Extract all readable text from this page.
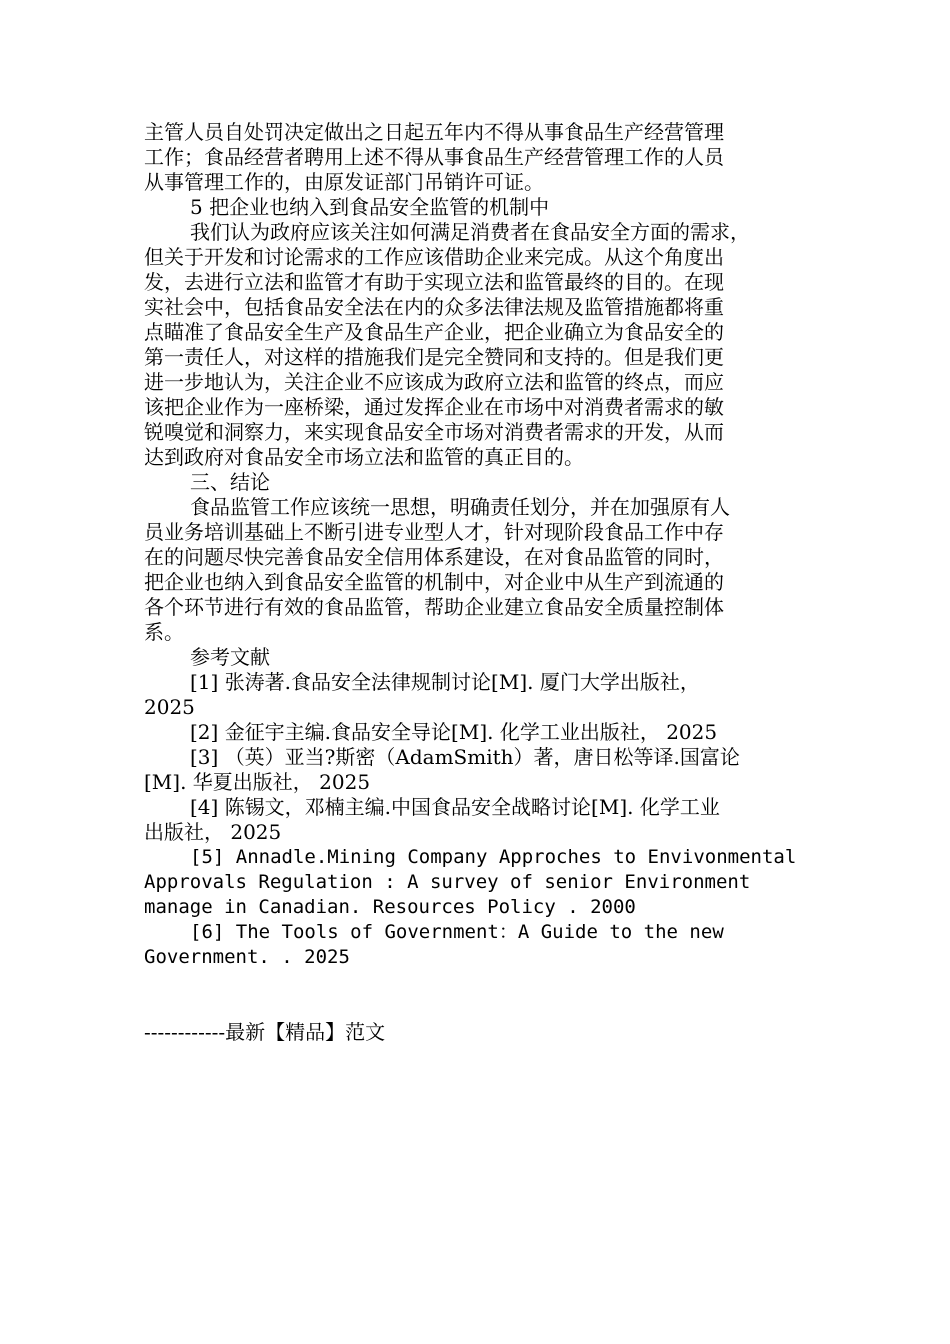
主管人员自处罚决定做出之日起五年内不得从事食品生产经营管理

工作；食品经营者聘用上述不得从事食品生产经营管理工作的人员

从事管理工作的，由原发证部门吊销许可证。

5 把企业也纳入到食品安全监管的机制中

我们认为政府应该关注如何满足消费者在食品安全方面的需求，

但关于开发和讨论需求的工作应该借助企业来完成。从这个角度出

发，去进行立法和监管才有助于实现立法和监管最终的目的。在现

实社会中，包括食品安全法在内的众多法律法规及监管措施都将重

点瞄准了食品安全生产及食品生产企业，把企业确立为食品安全的

第一责任人，对这样的措施我们是完全赞同和支持的。但是我们更

进一步地认为，关注企业不应该成为政府立法和监管的终点，而应

该把企业作为一座桥梁，通过发挥企业在市场中对消费者需求的敏

锐嗅觉和洞察力，来实现食品安全市场对消费者需求的开发，从而

达到政府对食品安全市场立法和监管的真正目的。

三、结论

食品监管工作应该统一思想，明确责任划分，并在加强原有人

员业务培训基础上不断引进专业型人才，针对现阶段食品工作中存

在的问题尽快完善食品安全信用体系建设，在对食品监管的同时，

把企业也纳入到食品安全监管的机制中，对企业中从生产到流通的

各个环节进行有效的食品监管，帮助企业建立食品安全质量控制体

系。

参考文献

[1] 张涛著.食品安全法律规制讨论[M]. 厦门大学出版社，

2025

[2] 金征宇主编.食品安全导论[M]. 化学工业出版社， 2025

[3] （英）亚当?斯密（AdamSmith）著，唐日松等译.国富论

[M]. 华夏出版社， 2025

[4] 陈锡文，邓楠主编.中国食品安全战略讨论[M]. 化学工业

出版社， 2025

[5] Annadle.Mining Company Approches to Envivonmental

Approvals Regulation : A survey of senior Environment

manage in Canadian. Resources Policy . 2000

[6] The Tools of Government：A Guide to the new

Government. . 2025

------------最新【精品】范文
